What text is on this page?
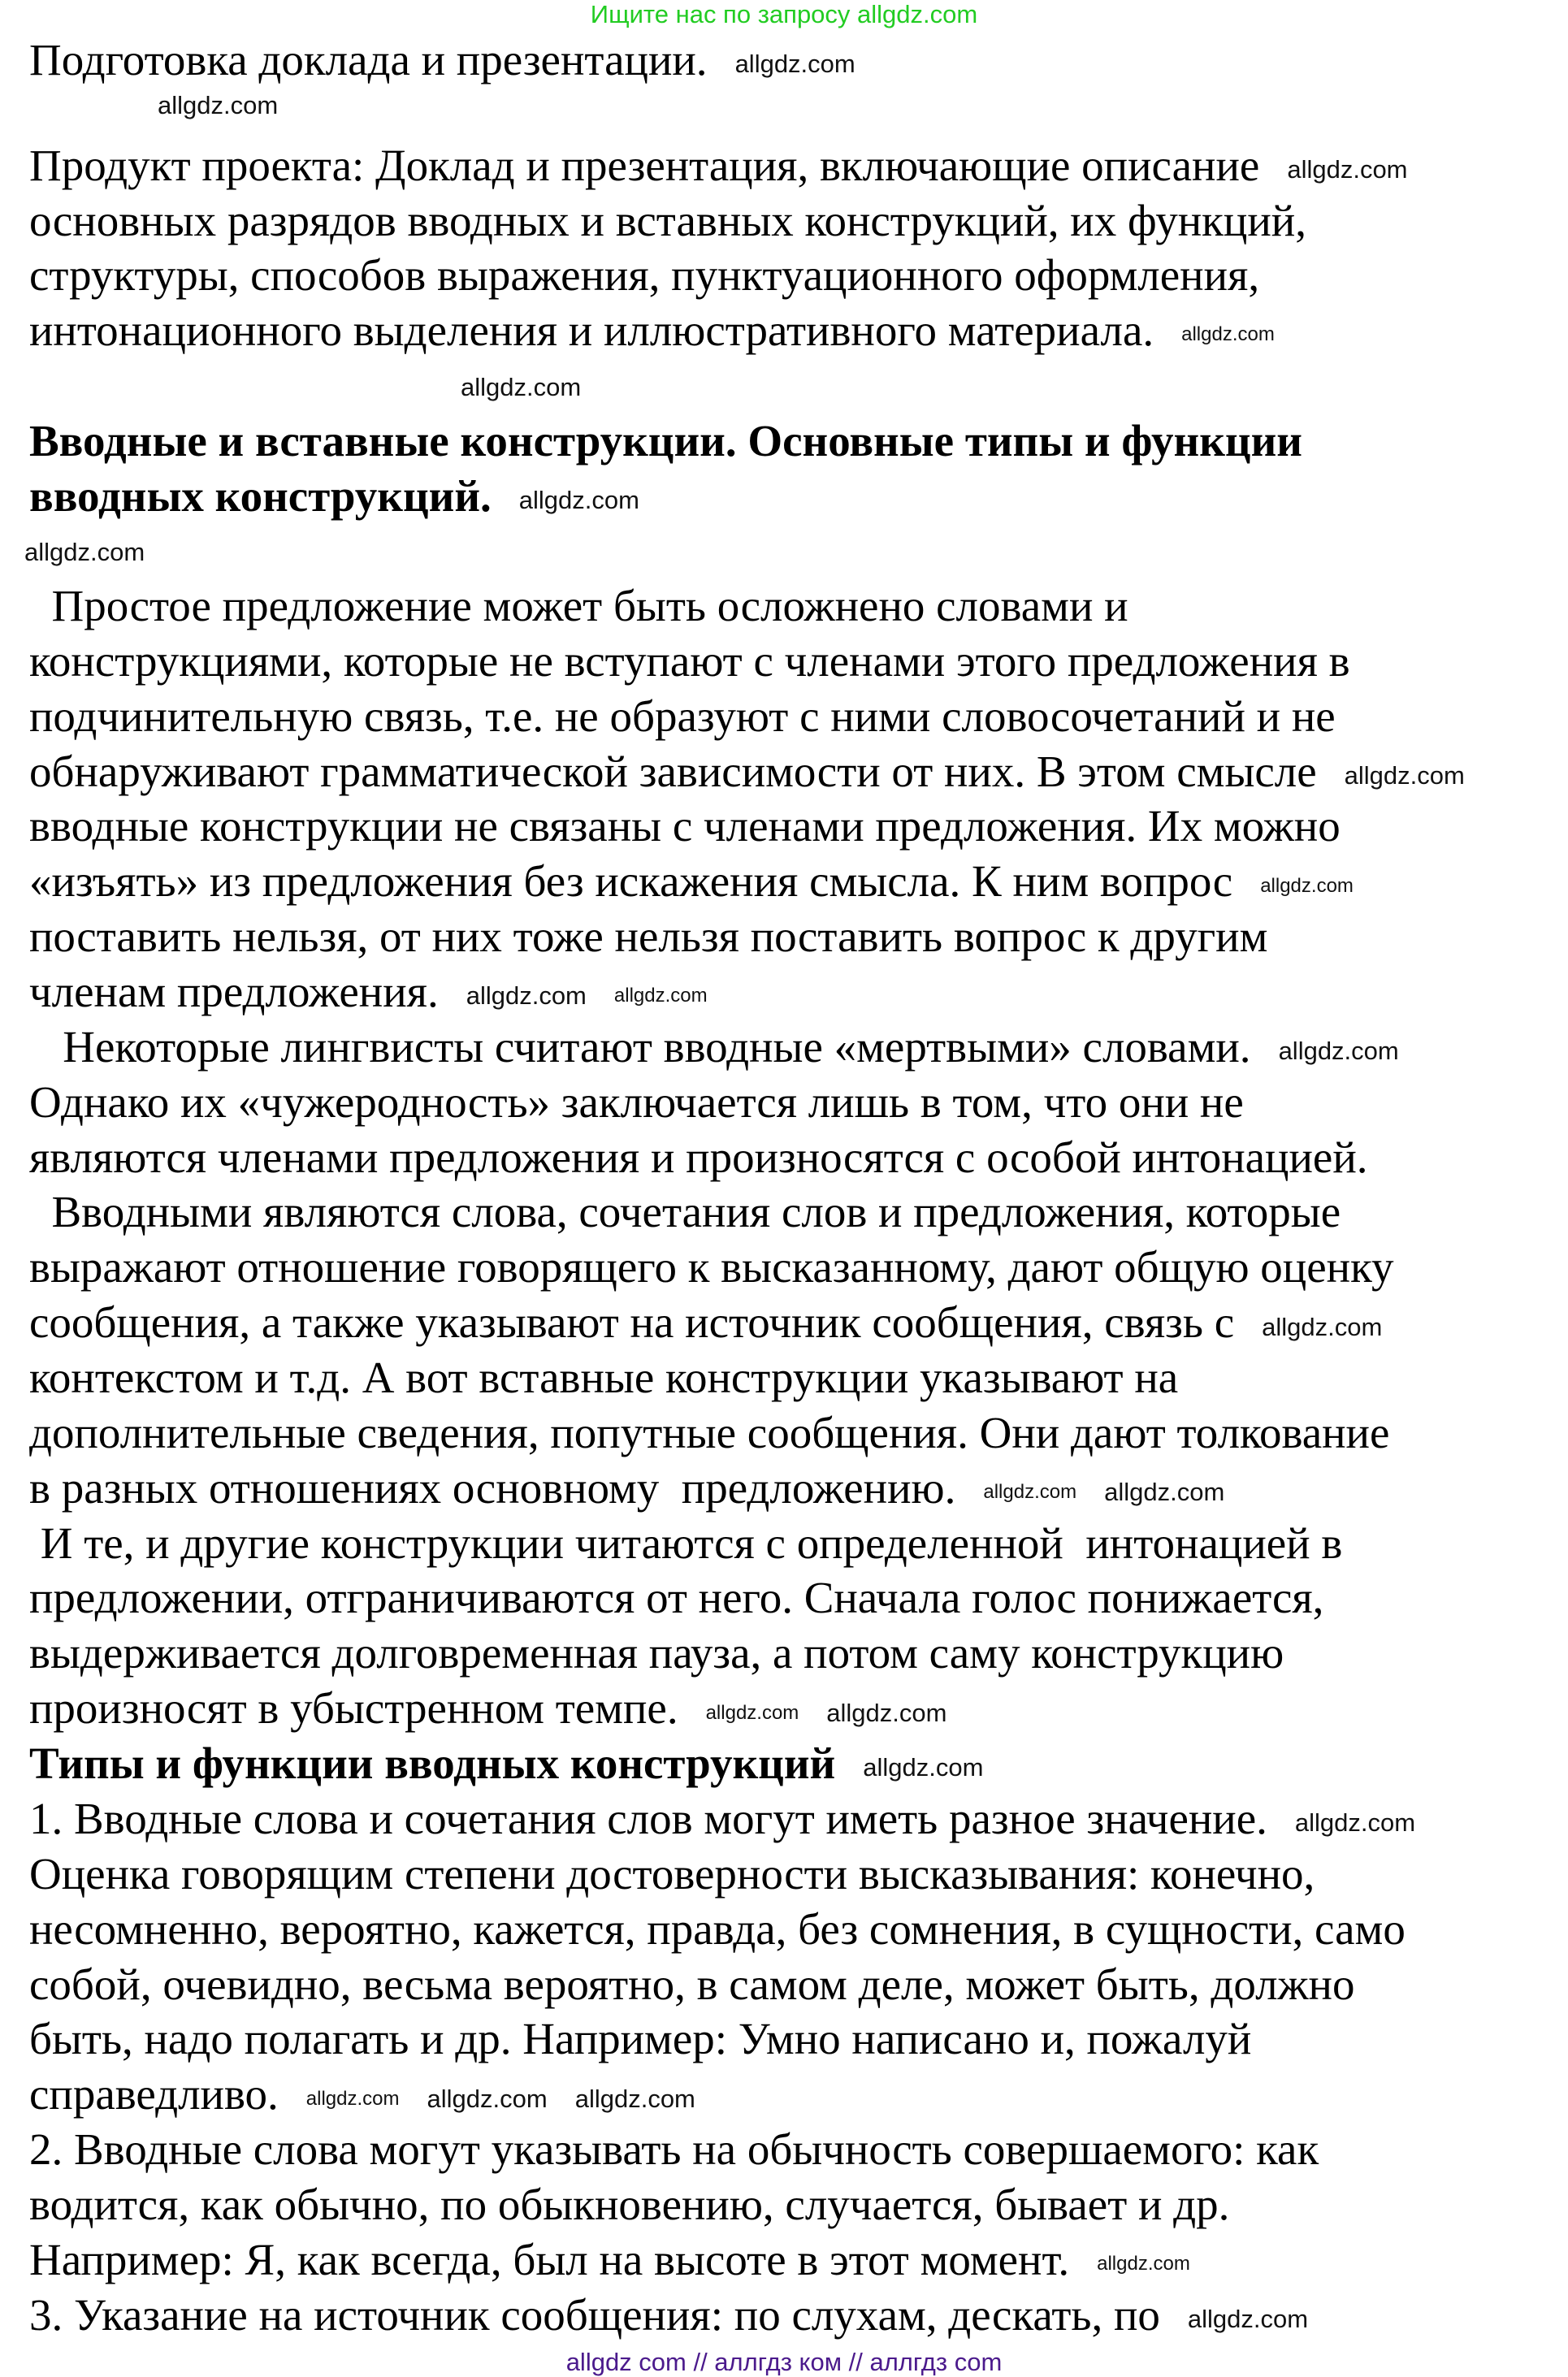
Ищите нас по запросу allgdz.com
Подготовка доклада и презентации. allgdz.com
allgdz.com
Продукт проекта: Доклад и презентация, включающие описание allgdz.com
основных разрядов вводных и вставных конструкций, их функций,
структуры, способов выражения, пунктуационного оформления,
интонационного выделения и иллюстративного материала. allgdz.com
allgdz.com
Вводные и вставные конструкции. Основные типы и функции
вводных конструкций. allgdz.com
allgdz.com
Простое предложение может быть осложнено словами и
конструкциями, которые не вступают с членами этого предложения в
подчинительную связь, т.е. не образуют с ними словосочетаний и не
обнаруживают грамматической зависимости от них. В этом смысле allgdz.com
вводные конструкции не связаны с членами предложения. Их можно
«изъять» из предложения без искажения смысла. К ним вопрос allgdz.com
поставить нельзя, от них тоже нельзя поставить вопрос к другим
членам предложения. allgdz.com allgdz.com
Некоторые лингвисты считают вводные «мертвыми» словами. allgdz.com
Однако их «чужеродность» заключается лишь в том, что они не
являются членами предложения и произносятся с особой интонацией.
Вводными являются слова, сочетания слов и предложения, которые
выражают отношение говорящего к высказанному, дают общую оценку
сообщения, а также указывают на источник сообщения, связь с allgdz.com
контекстом и т.д. А вот вставные конструкции указывают на
дополнительные сведения, попутные сообщения. Они дают толкование
в разных отношениях основному  предложению. allgdz.com allgdz.com
И те, и другие конструкции читаются с определенной  интонацией в
предложении, отграничиваются от него. Сначала голос понижается,
выдерживается долговременная пауза, а потом саму конструкцию
произносят в убыстренном темпе. allgdz.com allgdz.com
Типы и функции вводных конструкций allgdz.com
1. Вводные слова и сочетания слов могут иметь разное значение. allgdz.com
Оценка говорящим степени достоверности высказывания: конечно,
несомненно, вероятно, кажется, правда, без сомнения, в сущности, само
собой, очевидно, весьма вероятно, в самом деле, может быть, должно
быть, надо полагать и др. Например: Умно написано и, пожалуй
справедливо. allgdz.com allgdz.com allgdz.com
2. Вводные слова могут указывать на обычность совершаемого: как
водится, как обычно, по обыкновению, случается, бывает и др.
Например: Я, как всегда, был на высоте в этот момент. allgdz.com
3. Указание на источник сообщения: по слухам, дескать, по allgdz.com
allgdz com // аллгдз ком // аллгдз com
